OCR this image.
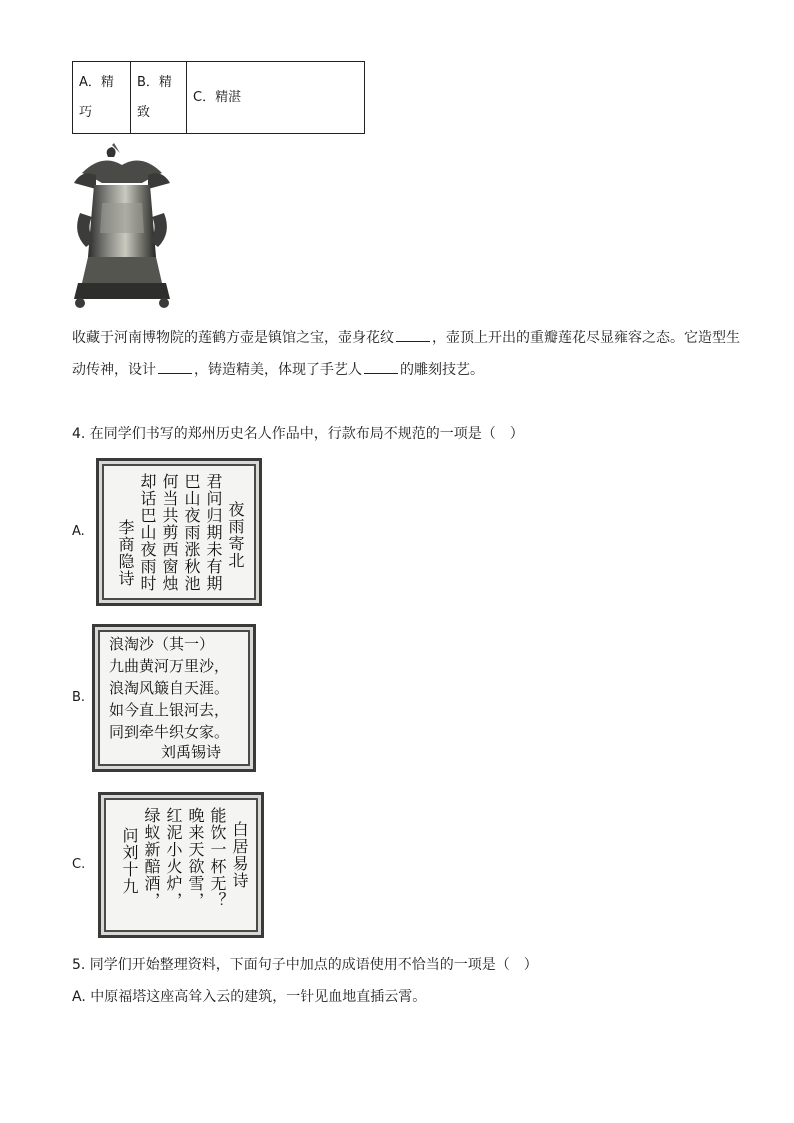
A．精巧	B．精致	C．精湛
收藏于河南博物院的莲鹤方壶是镇馆之宝，壶身花纹	，壶顶上开出的重瓣莲花尽显雍容之态。它造型生动传神，设计	，铸造精美，体现了手艺人	的雕刻技艺。
4. 在同学们书写的郑州历史名人作品中，行款布局不规范的一项是（　）
A.	夜雨寄北
君问归期未有期
巴山夜雨涨秋池
何当共剪西窗烛
却话巴山夜雨时
李商隐诗
B.
浪淘沙（其一）
九曲黄河万里沙，
浪淘风簸自天涯。
如今直上银河去，
同到牵牛织女家。
刘禹锡诗
C.	白居易诗
能饮一杯无？
晚来天欲雪，
红泥小火炉，
绿蚁新醅酒，
问刘十九
5. 同学们开始整理资料，下面句子中加点的成语使用不恰当的一项是（　）
A. 中原福塔这座高耸入云的建筑，一针见血地直插云霄。
